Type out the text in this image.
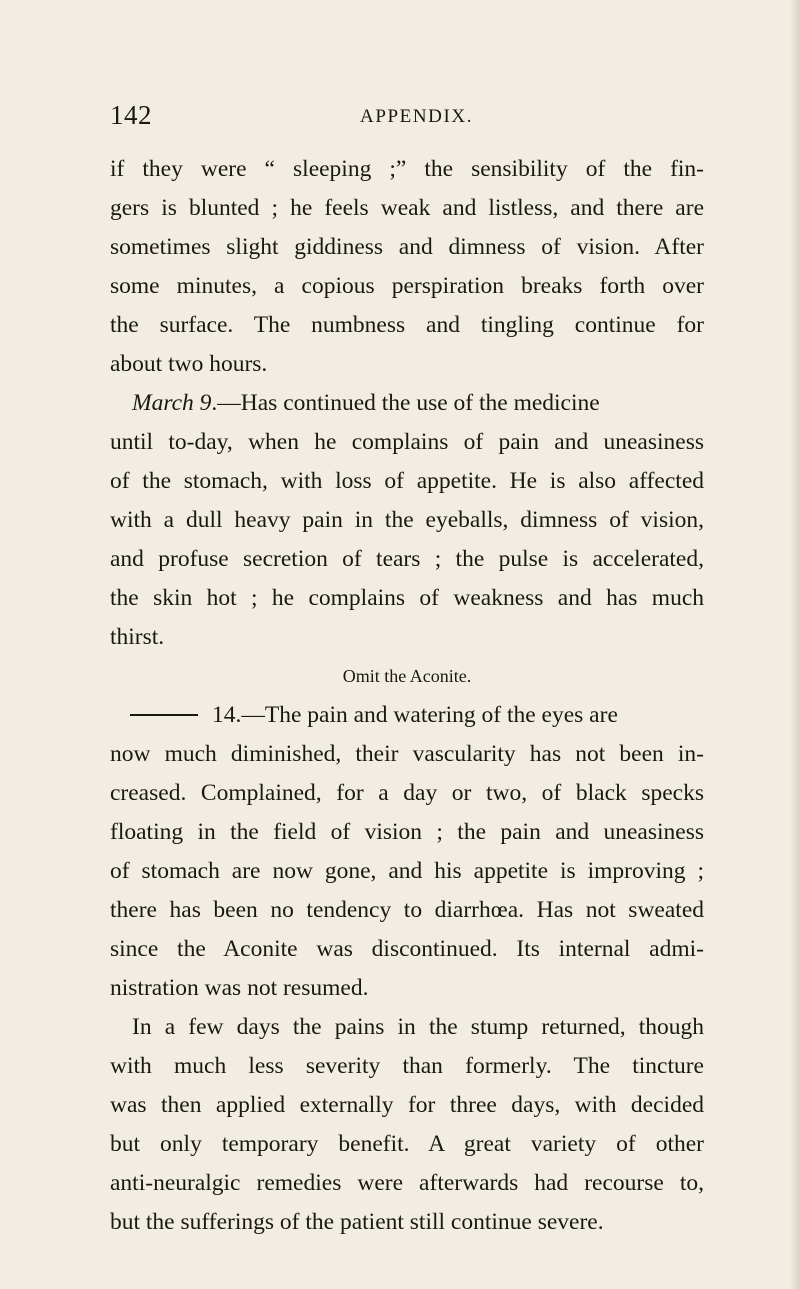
142	APPENDIX.
if they were “ sleeping ;” the sensibility of the fin-
gers is blunted ; he feels weak and listless, and there are
sometimes slight giddiness and dimness of vision. After
some minutes, a copious perspiration breaks forth over
the surface. The numbness and tingling continue for
about two hours.
March 9.—Has continued the use of the medicine
until to-day, when he complains of pain and uneasiness
of the stomach, with loss of appetite. He is also affected
with a dull heavy pain in the eyeballs, dimness of vision,
and profuse secretion of tears ; the pulse is accelerated,
the skin hot ; he complains of weakness and has much
thirst.
Omit the Aconite.
14.—The pain and watering of the eyes are
now much diminished, their vascularity has not been in-
creased. Complained, for a day or two, of black specks
floating in the field of vision ; the pain and uneasiness
of stomach are now gone, and his appetite is improving ;
there has been no tendency to diarrhœa. Has not sweated
since the Aconite was discontinued. Its internal admi-
nistration was not resumed.
In a few days the pains in the stump returned, though
with much less severity than formerly. The tincture
was then applied externally for three days, with decided
but only temporary benefit. A great variety of other
anti-neuralgic remedies were afterwards had recourse to,
but the sufferings of the patient still continue severe.
